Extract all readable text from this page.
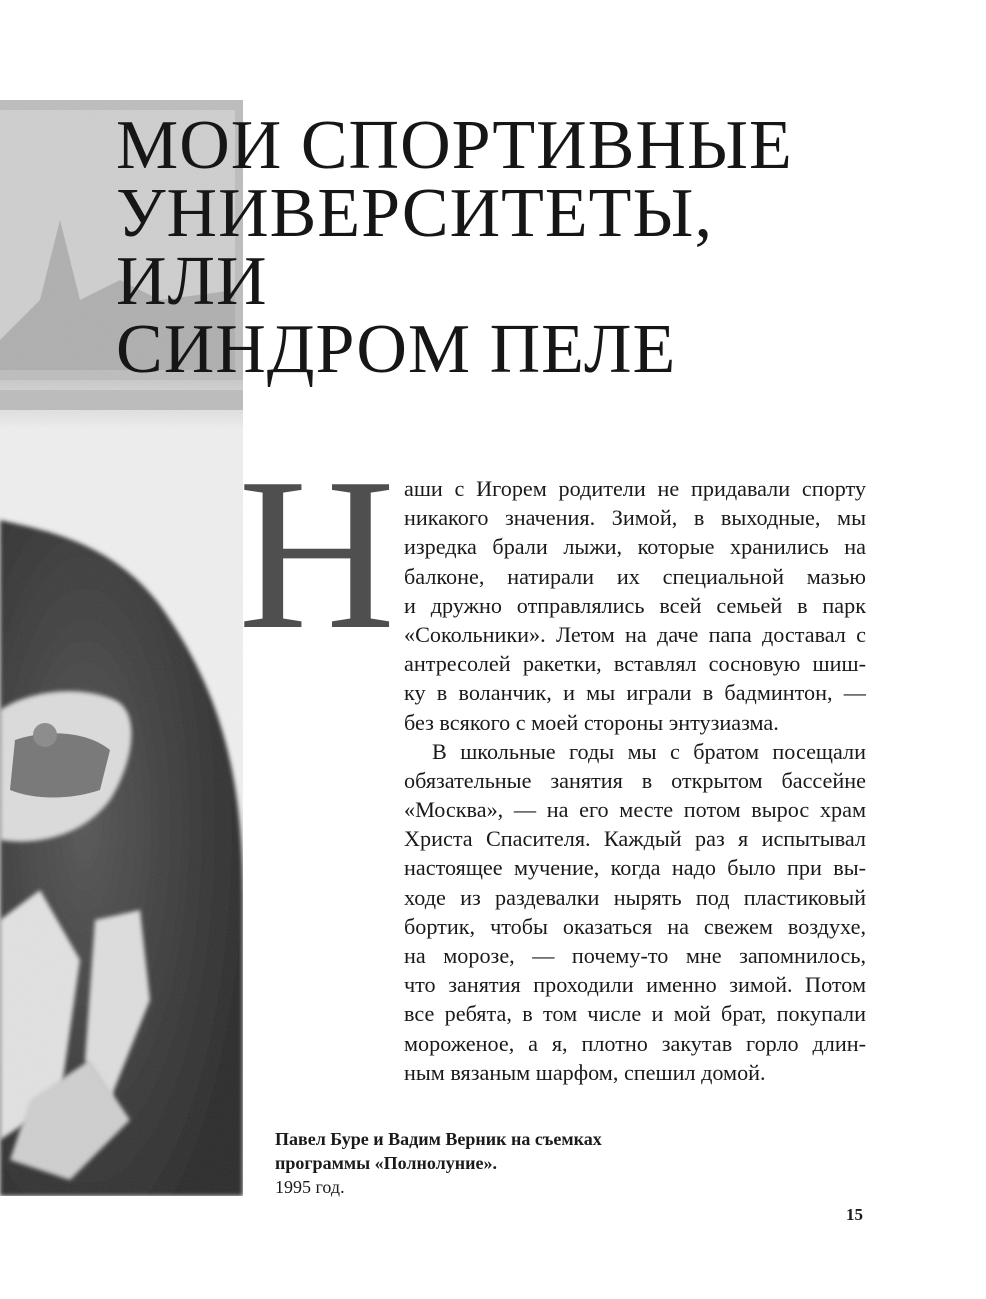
МОИ СПОРТИВНЫЕ
УНИВЕРСИТЕТЫ,
ИЛИ
СИНДРОМ ПЕЛЕ
Н аши с Игорем родители не придавали спорту
никакого значения. Зимой, в выходные, мы
изредка брали лыжи, которые хранились на
балконе, натирали их специальной мазью
и дружно отправлялись всей семьей в парк
«Сокольники». Летом на даче папа доставал с
антресолей ракетки, вставлял сосновую шиш-
ку в воланчик, и мы играли в бадминтон, —
без всякого с моей стороны энтузиазма.
В школьные годы мы с братом посещали
обязательные занятия в открытом бассейне
«Москва», — на его месте потом вырос храм
Христа Спасителя. Каждый раз я испытывал
настоящее мучение, когда надо было при вы-
ходе из раздевалки нырять под пластиковый
бортик, чтобы оказаться на свежем воздухе,
на морозе, — почему-то мне запомнилось,
что занятия проходили именно зимой. Потом
все ребята, в том числе и мой брат, покупали
мороженое, а я, плотно закутав горло длин-
ным вязаным шарфом, спешил домой.
Павел Буре и Вадим Верник на съемках
программы «Полнолуние».
1995 год.
15
